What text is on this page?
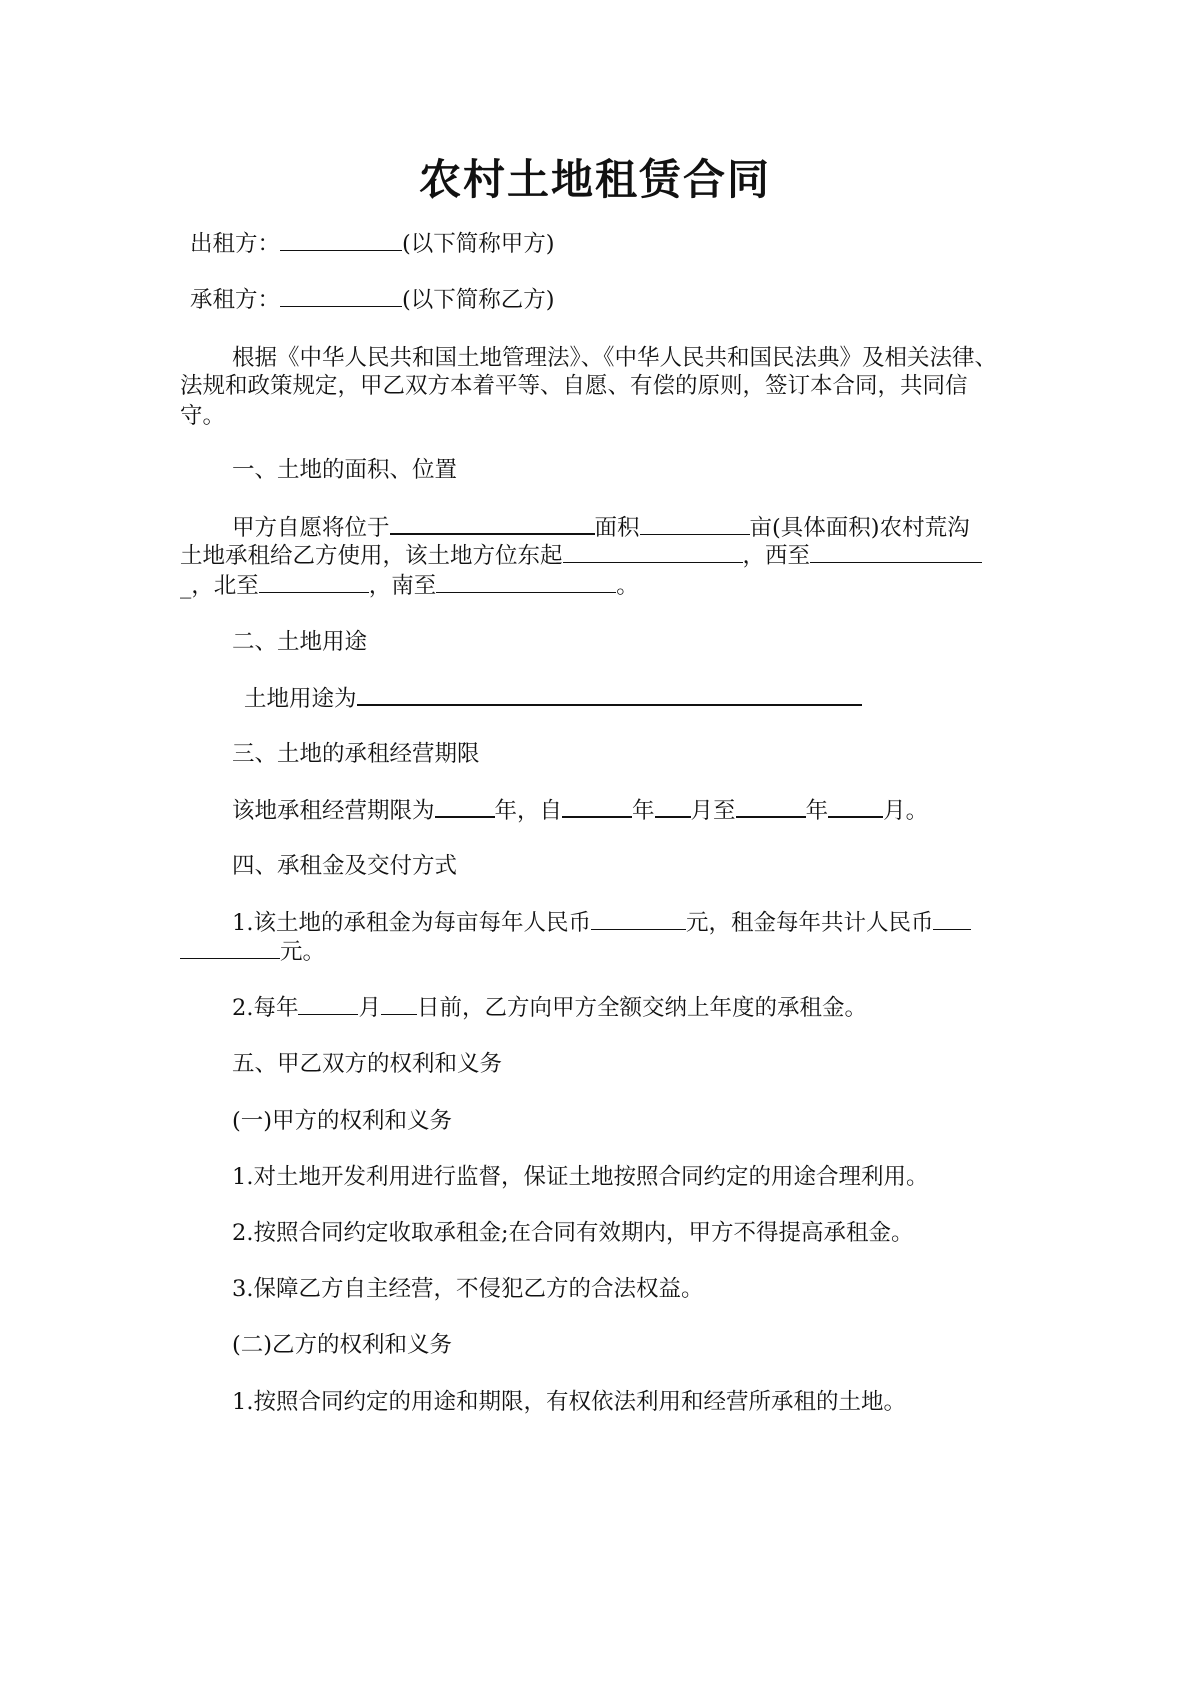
农村土地租赁合同
出租方：	(以下简称甲方)
承租方：	(以下简称乙方)
根据《中华人民共和国土地管理法》、《中华人民共和国民法典》及相关法律、
法规和政策规定，甲乙双方本着平等、自愿、有偿的原则，签订本合同，共同信
守。
一、土地的面积、位置
甲方自愿将位于	面积	亩(具体面积)农村荒沟
土地承租给乙方使用，该土地方位东起	，西至
_，北至	，南至	。
二、土地用途
土地用途为
三、土地的承租经营期限
该地承租经营期限为	年，自	年 月至	年 月。
四、承租金及交付方式
1.该土地的承租金为每亩每年人民币	元，租金每年共计人民币
元。
2.每年	月 日前，乙方向甲方全额交纳上年度的承租金。
五、甲乙双方的权利和义务
(一)甲方的权利和义务
1.对土地开发利用进行监督，保证土地按照合同约定的用途合理利用。
2.按照合同约定收取承租金;在合同有效期内，甲方不得提高承租金。
3.保障乙方自主经营，不侵犯乙方的合法权益。
(二)乙方的权利和义务
1.按照合同约定的用途和期限，有权依法利用和经营所承租的土地。
